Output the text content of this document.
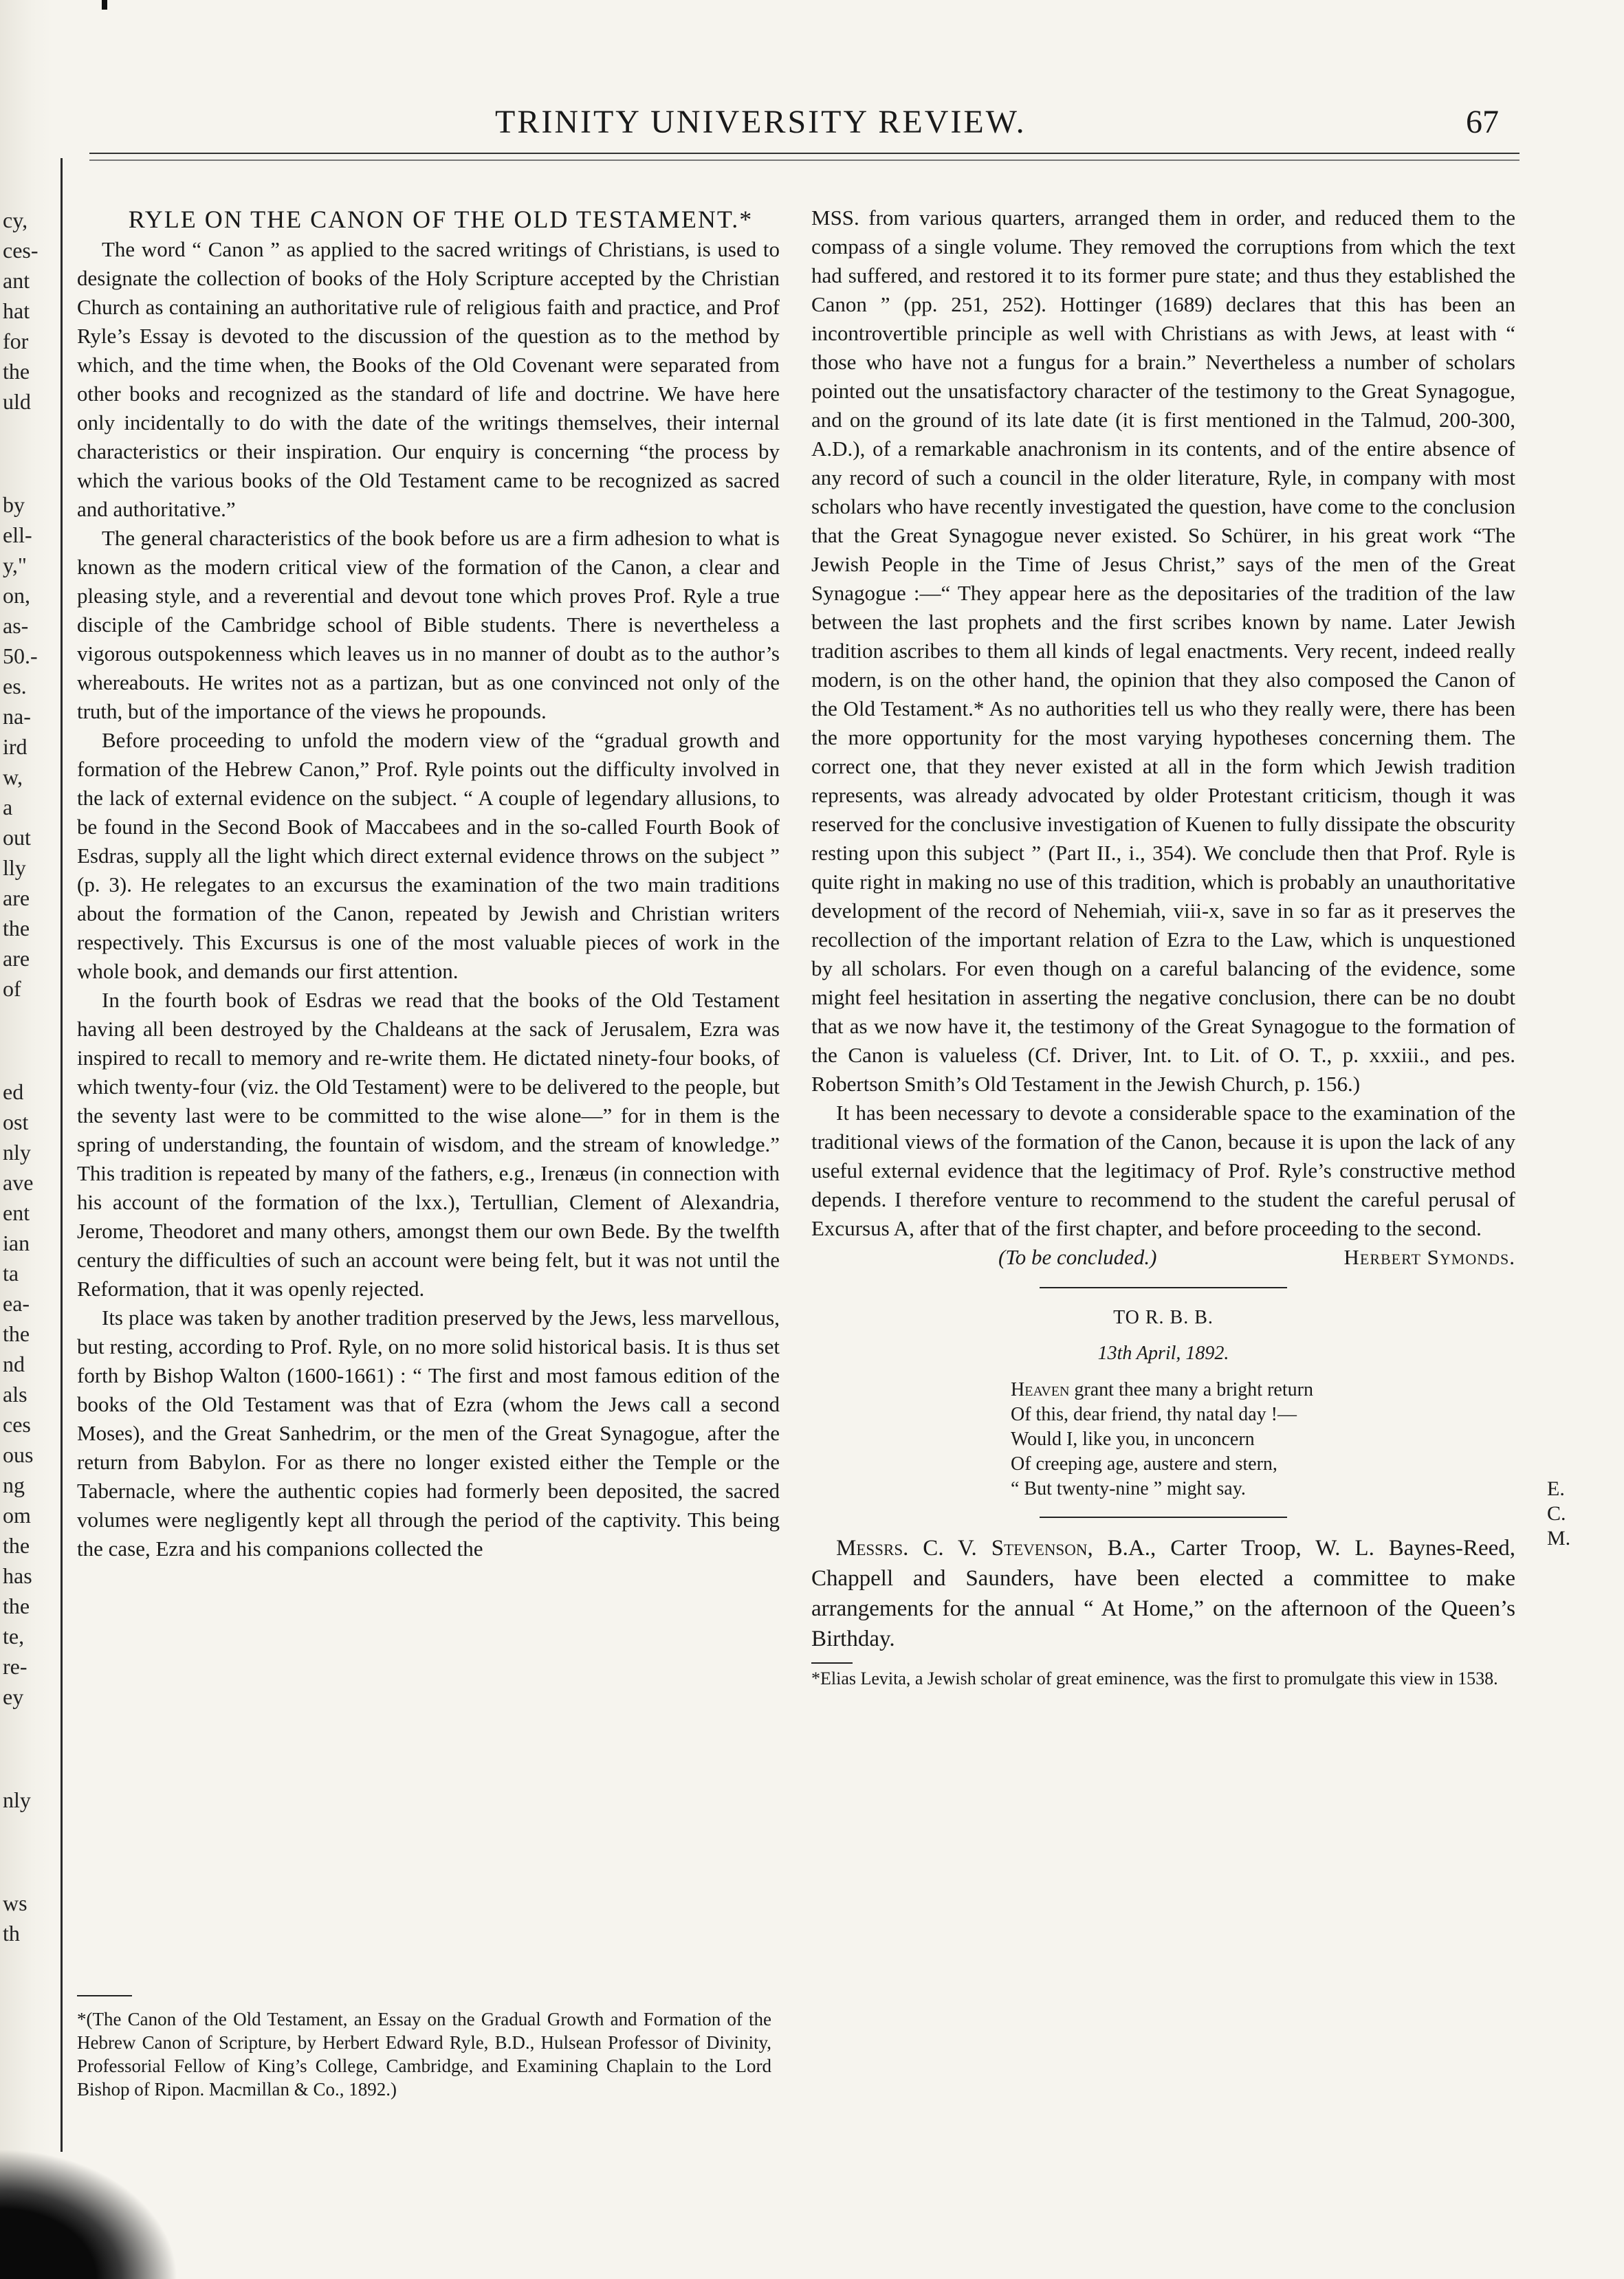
cy,
ces-
ant
hat
for
the
uld
by
ell-
y,"
on,
as-
50.-
es.
na-
ird
w,
a
out
lly
are
the
are
of
ed
ost
nly
ave
ent
ian
ta
ea-
the
nd
als
ces
ous
ng
om
the
has
the
te,
re-
ey
nly
ws
th
TRINITY UNIVERSITY REVIEW.	67

RYLE ON THE CANON OF THE OLD TESTAMENT.*

The word “ Canon ” as applied to the sacred writings of Christians, is used to designate the collection of books of the Holy Scripture accepted by the Christian Church as containing an authoritative rule of religious faith and practice, and Prof Ryle’s Essay is devoted to the discussion of the question as to the method by which, and the time when, the Books of the Old Covenant were separated from other books and recognized as the standard of life and doctrine. We have here only incidentally to do with the date of the writings themselves, their internal characteristics or their inspiration. Our enquiry is concerning “the process by which the various books of the Old Testament came to be recognized as sacred and authoritative.”

The general characteristics of the book before us are a firm adhesion to what is known as the modern critical view of the formation of the Canon, a clear and pleasing style, and a reverential and devout tone which proves Prof. Ryle a true disciple of the Cambridge school of Bible students. There is nevertheless a vigorous outspokenness which leaves us in no manner of doubt as to the author’s whereabouts. He writes not as a partizan, but as one convinced not only of the truth, but of the importance of the views he propounds.

Before proceeding to unfold the modern view of the “gradual growth and formation of the Hebrew Canon,” Prof. Ryle points out the difficulty involved in the lack of external evidence on the subject. “ A couple of legendary allusions, to be found in the Second Book of Maccabees and in the so-called Fourth Book of Esdras, supply all the light which direct external evidence throws on the subject ” (p. 3). He relegates to an excursus the examination of the two main traditions about the formation of the Canon, repeated by Jewish and Christian writers respectively. This Excursus is one of the most valuable pieces of work in the whole book, and demands our first attention.

In the fourth book of Esdras we read that the books of the Old Testament having all been destroyed by the Chaldeans at the sack of Jerusalem, Ezra was inspired to recall to memory and re-write them. He dictated ninety-four books, of which twenty-four (viz. the Old Testament) were to be delivered to the people, but the seventy last were to be committed to the wise alone—” for in them is the spring of understanding, the fountain of wisdom, and the stream of knowledge.” This tradition is repeated by many of the fathers, e.g., Irenæus (in connection with his account of the formation of the lxx.), Tertullian, Clement of Alexandria, Jerome, Theodoret and many others, amongst them our own Bede. By the twelfth century the difficulties of such an account were being felt, but it was not until the Reformation, that it was openly rejected.

Its place was taken by another tradition preserved by the Jews, less marvellous, but resting, according to Prof. Ryle, on no more solid historical basis. It is thus set forth by Bishop Walton (1600-1661) : “ The first and most famous edition of the books of the Old Testament was that of Ezra (whom the Jews call a second Moses), and the Great Sanhedrim, or the men of the Great Synagogue, after the return from Babylon. For as there no longer existed either the Temple or the Tabernacle, where the authentic copies had formerly been deposited, the sacred volumes were negligently kept all through the period of the captivity. This being the case, Ezra and his companions collected the

*(The Canon of the Old Testament, an Essay on the Gradual Growth and Formation of the Hebrew Canon of Scripture, by Herbert Edward Ryle, B.D., Hulsean Professor of Divinity, Professorial Fellow of King’s College, Cambridge, and Examining Chaplain to the Lord Bishop of Ripon. Macmillan & Co., 1892.)

MSS. from various quarters, arranged them in order, and reduced them to the compass of a single volume. They removed the corruptions from which the text had suffered, and restored it to its former pure state; and thus they established the Canon ” (pp. 251, 252). Hottinger (1689) declares that this has been an incontrovertible principle as well with Christians as with Jews, at least with “ those who have not a fungus for a brain.” Nevertheless a number of scholars pointed out the unsatisfactory character of the testimony to the Great Synagogue, and on the ground of its late date (it is first mentioned in the Talmud, 200-300, A.D.), of a remarkable anachronism in its contents, and of the entire absence of any record of such a council in the older literature, Ryle, in company with most scholars who have recently investigated the question, have come to the conclusion that the Great Synagogue never existed. So Schürer, in his great work “The Jewish People in the Time of Jesus Christ,” says of the men of the Great Synagogue :—“ They appear here as the depositaries of the tradition of the law between the last prophets and the first scribes known by name. Later Jewish tradition ascribes to them all kinds of legal enactments. Very recent, indeed really modern, is on the other hand, the opinion that they also composed the Canon of the Old Testament.* As no authorities tell us who they really were, there has been the more opportunity for the most varying hypotheses concerning them. The correct one, that they never existed at all in the form which Jewish tradition represents, was already advocated by older Protestant criticism, though it was reserved for the conclusive investigation of Kuenen to fully dissipate the obscurity resting upon this subject ” (Part II., i., 354). We conclude then that Prof. Ryle is quite right in making no use of this tradition, which is probably an unauthoritative development of the record of Nehemiah, viii-x, save in so far as it preserves the recollection of the important relation of Ezra to the Law, which is unquestioned by all scholars. For even though on a careful balancing of the evidence, some might feel hesitation in asserting the negative conclusion, there can be no doubt that as we now have it, the testimony of the Great Synagogue to the formation of the Canon is valueless (Cf. Driver, Int. to Lit. of O. T., p. xxxiii., and pes. Robertson Smith’s Old Testament in the Jewish Church, p. 156.)

It has been necessary to devote a considerable space to the examination of the traditional views of the formation of the Canon, because it is upon the lack of any useful external evidence that the legitimacy of Prof. Ryle’s constructive method depends. I therefore venture to recommend to the student the careful perusal of Excursus A, after that of the first chapter, and before proceeding to the second.
Herbert Symonds.

(To be concluded.)

TO R. B. B.
13th April, 1892.
Heaven grant thee many a bright return
Of this, dear friend, thy natal day !—
Would I, like you, in unconcern
Of creeping age, austere and stern,
“ But twenty-nine ” might say.	E. C. M.

Messrs. C. V. Stevenson, B.A., Carter Troop, W. L. Baynes-Reed, Chappell and Saunders, have been elected a committee to make arrangements for the annual “ At Home,” on the afternoon of the Queen’s Birthday.

*Elias Levita, a Jewish scholar of great eminence, was the first to promulgate this view in 1538.
